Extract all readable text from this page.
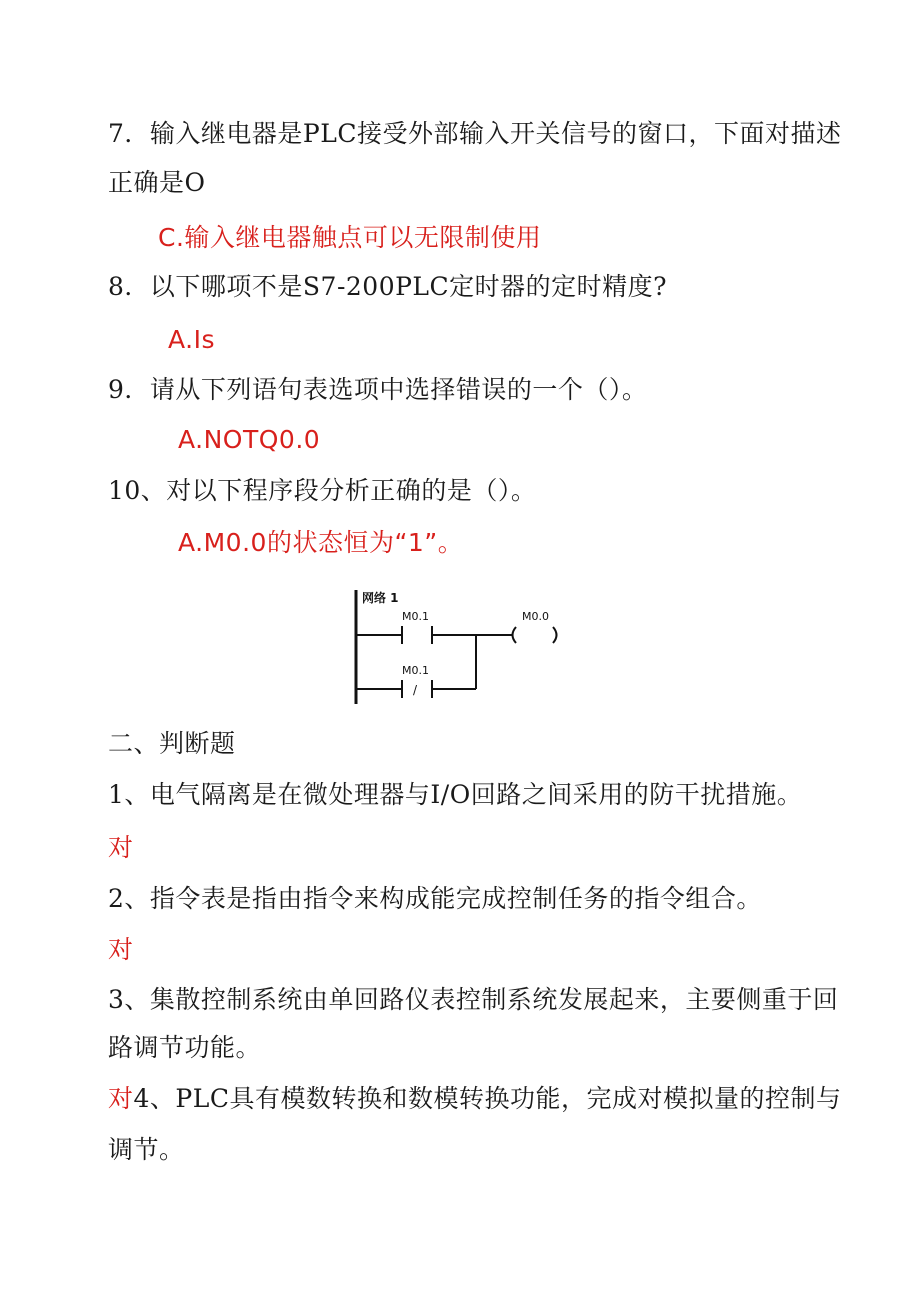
7．输入继电器是PLC接受外部输入开关信号的窗口，下面对描述
正确是O
C.输入继电器触点可以无限制使用
8．以下哪项不是S7-200PLC定时器的定时精度?
A.Is
9．请从下列语句表选项中选择错误的一个（）。
A.NOTQ0.0
10、对以下程序段分析正确的是（）。
A.M0.0的状态恒为“1”。
网络 1
M0.1	M0.0
M0.1
/
二、判断题
1、电气隔离是在微处理器与I/O回路之间采用的防干扰措施。
对
2、指令表是指由指令来构成能完成控制任务的指令组合。
对
3、集散控制系统由单回路仪表控制系统发展起来，主要侧重于回
路调节功能。
对4、PLC具有模数转换和数模转换功能，完成对模拟量的控制与
调节。
